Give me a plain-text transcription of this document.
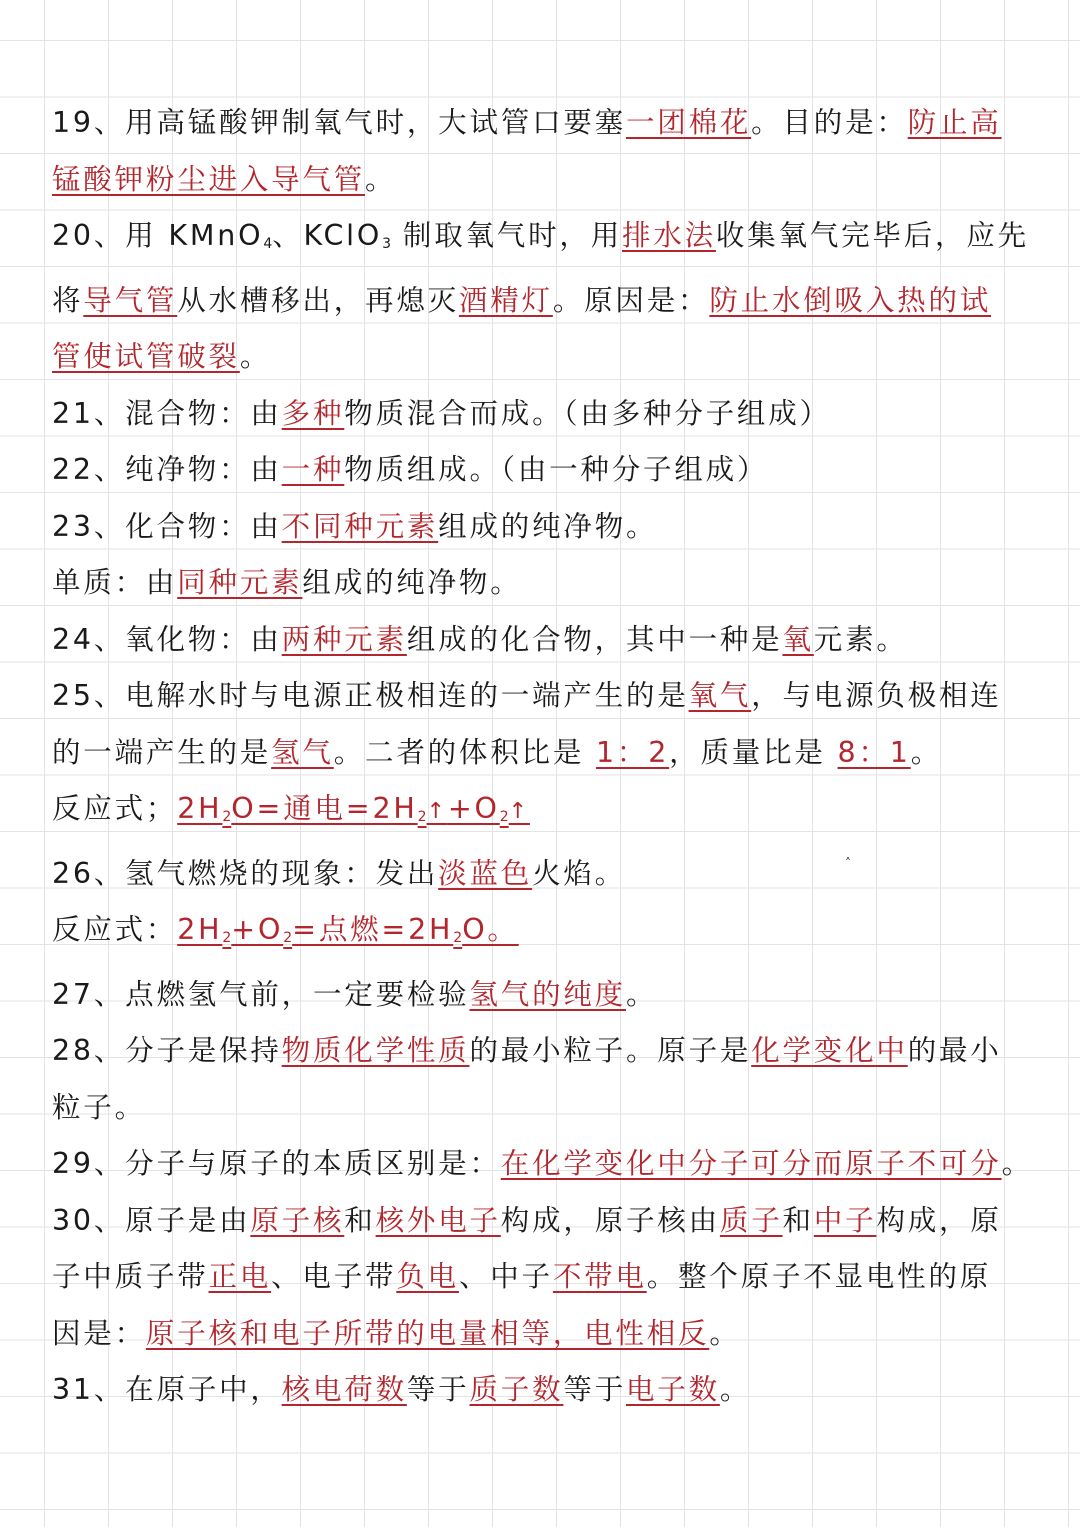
19、用高锰酸钾制氧气时，大试管口要塞一团棉花。目的是：防止高
锰酸钾粉尘进入导气管。
20、用 KMnO$_4$、KClO$_3$ 制取氧气时，用排水法收集氧气完毕后，应先
将导气管从水槽移出，再熄灭酒精灯。原因是：防止水倒吸入热的试
管使试管破裂。
21、混合物：由多种物质混合而成。（由多种分子组成）
22、纯净物：由一种物质组成。（由一种分子组成）
23、化合物：由不同种元素组成的纯净物。
单质：由同种元素组成的纯净物。
24、氧化物：由两种元素组成的化合物，其中一种是氧元素。
25、电解水时与电源正极相连的一端产生的是氧气，与电源负极相连
的一端产生的是氢气。二者的体积比是 1：2，质量比是 8：1。
反应式；$2H_2O=$通电$=2H_2↑+O_2↑$
26、氢气燃烧的现象：发出淡蓝色火焰。
反应式：$2H_2+O_2=$点燃$=2H_2O$。
27、点燃氢气前，一定要检验氢气的纯度。
28、分子是保持物质化学性质的最小粒子。原子是化学变化中的最小
粒子。
29、分子与原子的本质区别是：在化学变化中分子可分而原子不可分。
30、原子是由原子核和核外电子构成，原子核由质子和中子构成，原
子中质子带正电、电子带负电、中子不带电。整个原子不显电性的原
因是：原子核和电子所带的电量相等，电性相反。
31、在原子中，核电荷数等于质子数等于电子数。
˄
